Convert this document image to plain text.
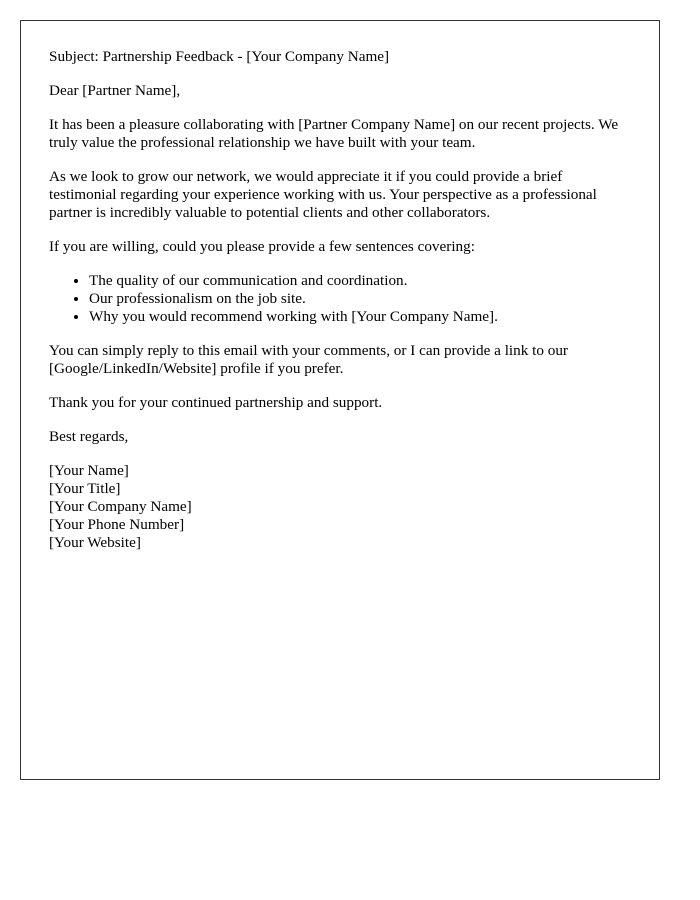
Subject: Partnership Feedback - [Your Company Name]

Dear [Partner Name],

It has been a pleasure collaborating with [Partner Company Name] on our recent projects. We truly value the professional relationship we have built with your team.

As we look to grow our network, we would appreciate it if you could provide a brief testimonial regarding your experience working with us. Your perspective as a professional partner is incredibly valuable to potential clients and other collaborators.

If you are willing, could you please provide a few sentences covering:

• The quality of our communication and coordination.
• Our professionalism on the job site.
• Why you would recommend working with [Your Company Name].

You can simply reply to this email with your comments, or I can provide a link to our [Google/LinkedIn/Website] profile if you prefer.

Thank you for your continued partnership and support.

Best regards,

[Your Name]
[Your Title]
[Your Company Name]
[Your Phone Number]
[Your Website]
